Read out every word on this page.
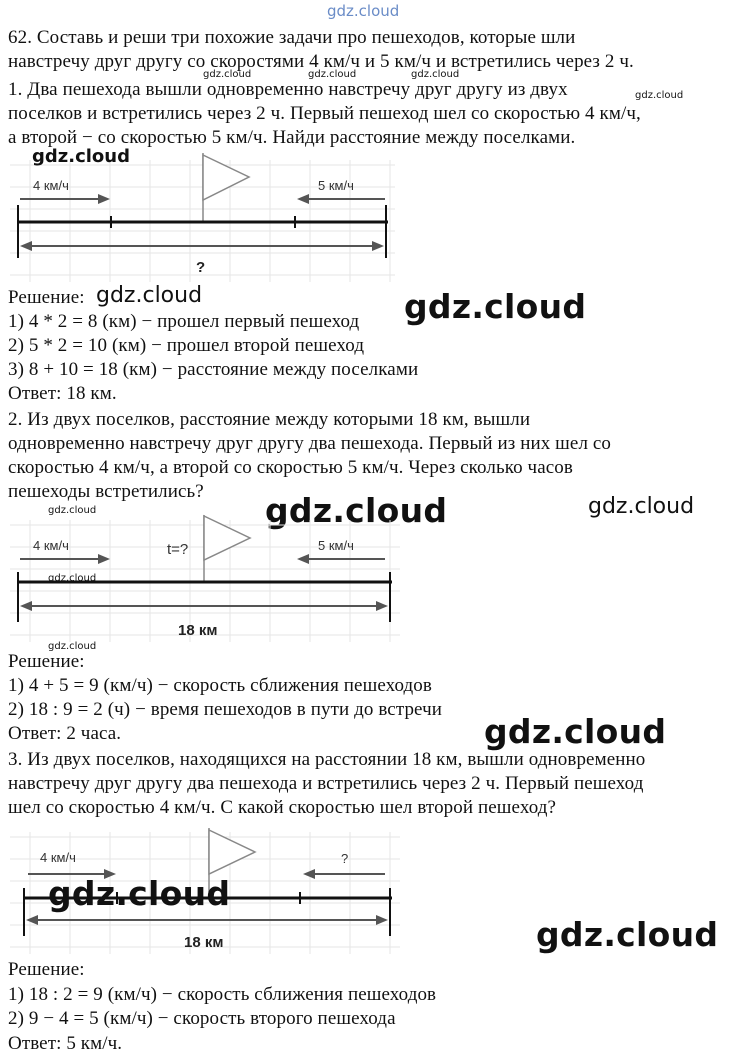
gdz.cloud
62. Составь и реши три похожие задачи про пешеходов, которые шли
навстречу друг другу со скоростями 4 км/ч и 5 км/ч и встретились через 2 ч.
gdz.cloud	gdz.cloud	gdz.cloud
1. Два пешехода вышли одновременно навстречу друг другу из двух	gdz.cloud
поселков и встретились через 2 ч. Первый пешеход шел со скоростью 4 км/ч,
а второй − со скоростью 5 км/ч. Найди расстояние между поселками.
4 км/ч	5 км/ч
?
gdz.cloud
Решение: gdz.cloud	gdz.cloud
1) 4 * 2 = 8 (км) − прошел первый пешеход
2) 5 * 2 = 10 (км) − прошел второй пешеход
3) 8 + 10 = 18 (км) − расстояние между поселками
Ответ: 18 км.
2. Из двух поселков, расстояние между которыми 18 км, вышли
одновременно навстречу друг другу два пешехода. Первый из них шел со
скоростью 4 км/ч, а второй со скоростью 5 км/ч. Через сколько часов
пешеходы встретились?
gdz.cloud	gdz.cloud	gdz.cloud
4 км/ч	t=?	5 км/ч
18 км
gdz.cloud
gdz.cloud
Решение:
1) 4 + 5 = 9 (км/ч) − скорость сближения пешеходов
2) 18 : 9 = 2 (ч) − время пешеходов в пути до встречи
Ответ: 2 часа.	gdz.cloud
3. Из двух поселков, находящихся на расстоянии 18 км, вышли одновременно
навстречу друг другу два пешехода и встретились через 2 ч. Первый пешеход
шел со скоростью 4 км/ч. С какой скоростью шел второй пешеход?
4 км/ч	?
18 км
gdz.cloud
gdz.cloud
Решение:
1) 18 : 2 = 9 (км/ч) − скорость сближения пешеходов
2) 9 − 4 = 5 (км/ч) − скорость второго пешехода
Ответ: 5 км/ч.
